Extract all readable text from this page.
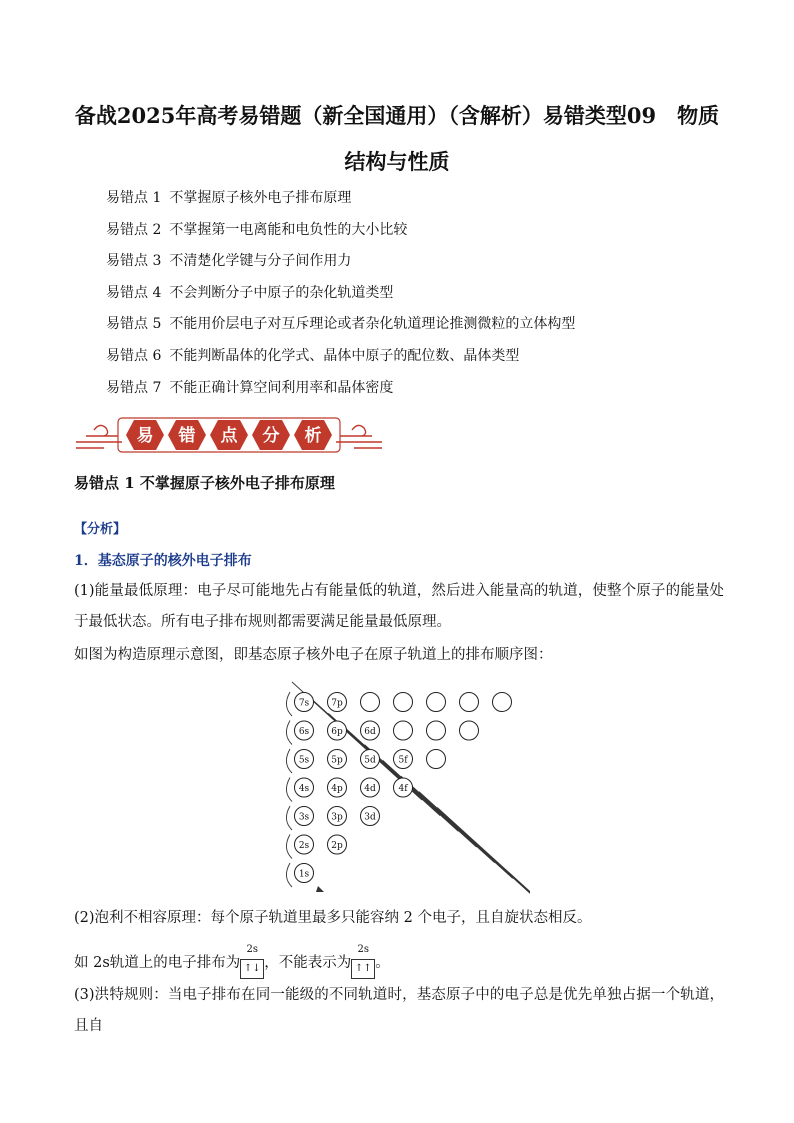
备战2025年高考易错题（新全国通用）（含解析）易错类型09　物质
结构与性质
易错点 1 不掌握原子核外电子排布原理
易错点 2 不掌握第一电离能和电负性的大小比较
易错点 3 不清楚化学键与分子间作用力
易错点 4 不会判断分子中原子的杂化轨道类型
易错点 5 不能用价层电子对互斥理论或者杂化轨道理论推测微粒的立体构型
易错点 6 不能判断晶体的化学式、晶体中原子的配位数、晶体类型
易错点 7 不能正确计算空间利用率和晶体密度
易 错 点 分 析
易错点 1 不掌握原子核外电子排布原理
【分析】
1．基态原子的核外电子排布
(1)能量最低原理：电子尽可能地先占有能量低的轨道，然后进入能量高的轨道，使整个原子的能量处于最低状态。所有电子排布规则都需要满足能量最低原理。
如图为构造原理示意图，即基态原子核外电子在原子轨道上的排布顺序图：
7s 7p
6s 6p 6d
5s 5p 5d	5f
4s 4p 4d	4f
3s 3p 3d
2s 2p
1s
(2)泡利不相容原理：每个原子轨道里最多只能容纳 2 个电子，且自旋状态相反。
如 2s轨道上的电子排布为
2s
↑↓ ，不能表示为
2s
↑↑ 。
(3)洪特规则：当电子排布在同一能级的不同轨道时，基态原子中的电子总是优先单独占据一个轨道，且自
